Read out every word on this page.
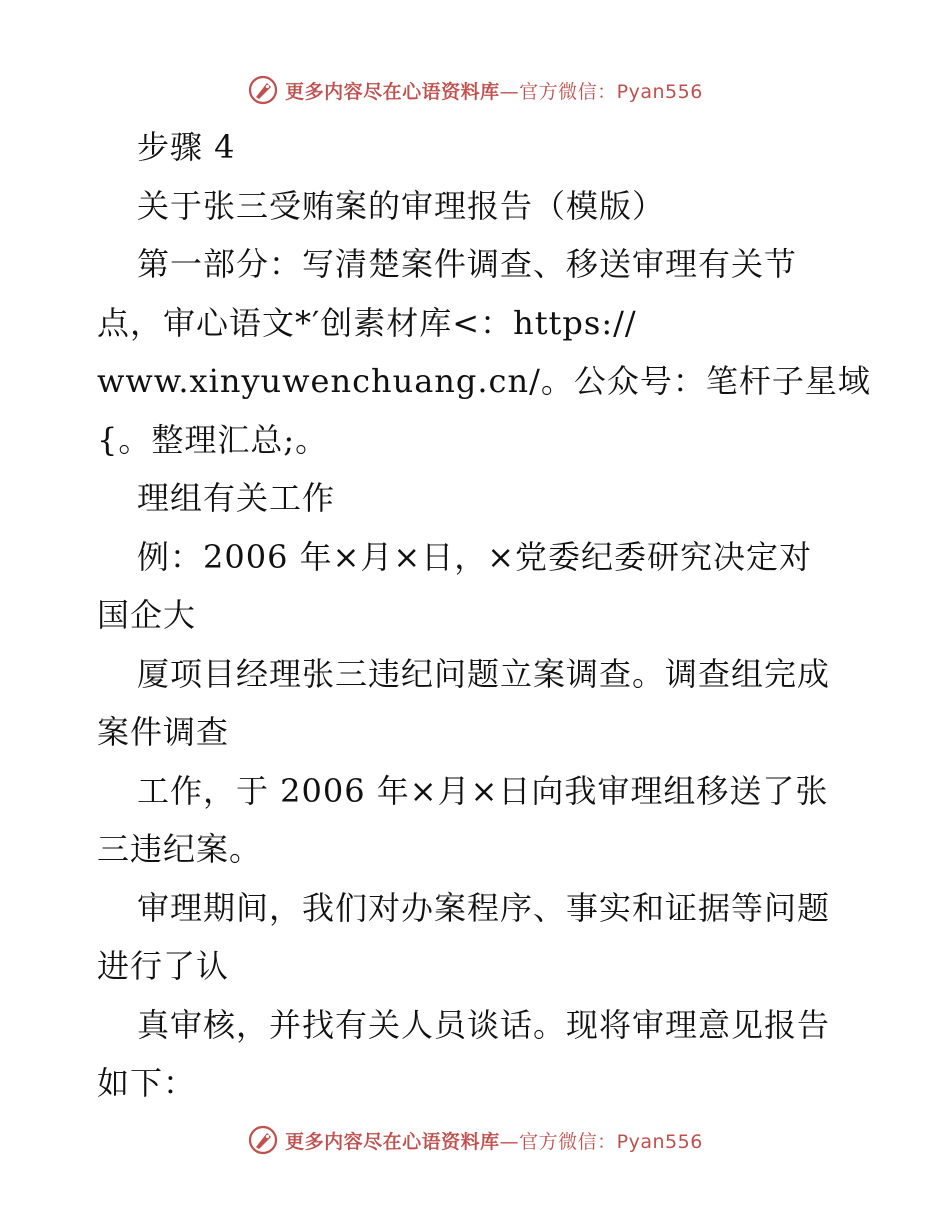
更多内容尽在心语资料库—官方微信：Pyan556
步骤 4
关于张三受贿案的审理报告（模版）
第一部分：写清楚案件调查、移送审理有关节
点，审心语文*′创素材库<：https://
www.xinyuwenchuang.cn/。公众号：笔杆子星域
{。整理汇总;。
理组有关工作
例：2006 年×月×日，×党委纪委研究决定对
国企大
厦项目经理张三违纪问题立案调查。调查组完成
案件调查
工作，于 2006 年×月×日向我审理组移送了张
三违纪案。
审理期间，我们对办案程序、事实和证据等问题
进行了认
真审核，并找有关人员谈话。现将审理意见报告
如下：
更多内容尽在心语资料库—官方微信：Pyan556
